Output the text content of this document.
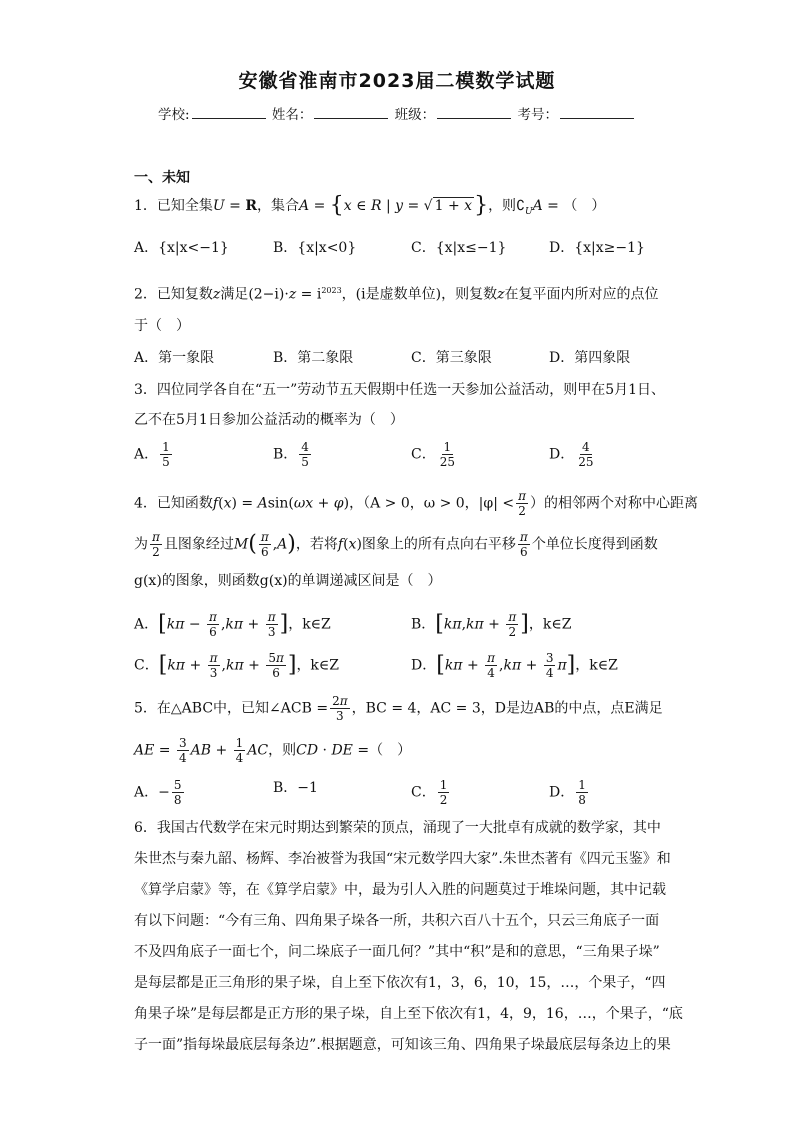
安徽省淮南市2023届二模数学试题
学校:	姓名：	班级：	考号：
一、未知
1．已知全集U = R，集合A = {x ∈ R | y = √ 1 + x}，则$∁_UA$ = （　）
A．{x|x<−1}	B．{x|x<0}	C．{x|x≤−1}	D．{x|x≥−1}
2．已知复数z满足$(2-i)\cdot z = i^{2023}$，(i是虚数单位)，则复数z在复平面内所对应的点位
于（　）
A．第一象限	B．第二象限	C．第三象限	D．第四象限
3．四位同学各自在“五一”劳动节五天假期中任选一天参加公益活动，则甲在5月1日、
乙不在5月1日参加公益活动的概率为（　）
A． $\frac{1}{5}$	B． $\frac{4}{5}$	C． $\frac{1}{25}$	D． $\frac{4}{25}$
4．已知函数f(x) = Asin(ωx + φ)，（A > 0，ω > 0，$|\varphi| < \frac{\pi}{2}$ ）的相邻两个对称中心距离
为 $\frac{\pi}{2}$ 且图象经过$M( \frac{\pi}{6} ,A)$，若将f(x)图象上的所有点向右平移 $\frac{\pi}{6}$ 个单位长度得到函数
g(x)的图象，则函数g(x)的单调递减区间是（　）
A．[$k\pi - \frac{\pi}{6} ,k\pi + \frac{\pi}{3}$ ]，k∈Z	B．[$k\pi,k\pi + \frac{\pi}{2}$ ]，k∈Z
C．[$k\pi + \frac{\pi}{3} ,k\pi + \frac{5\pi}{6}$ ]，k∈Z	D．$[k\pi + \frac{\pi}{4} ,k\pi + \frac{3}{4} \pi]$，k∈Z
5．在△ABC中，已知∠ACB = $\frac{2\pi}{3}$ ，BC = 4，AC = 3，D是边AB的中点，点E满足
AE = $\frac{3}{4}$ AB + $\frac{1}{4}$ AC，则CD · DE =（　）
A．− $\frac{5}{8}$	B．−1	C． $\frac{1}{2}$	D． $\frac{1}{8}$
6．我国古代数学在宋元时期达到繁荣的顶点，涌现了一大批卓有成就的数学家，其中
朱世杰与秦九韶、杨辉、李冶被誉为我国“宋元数学四大家”.朱世杰著有《四元玉鉴》和
《算学启蒙》等，在《算学启蒙》中，最为引人入胜的问题莫过于堆垛问题，其中记载
有以下问题：“今有三角、四角果子垛各一所，共积六百八十五个，只云三角底子一面
不及四角底子一面七个，问二垛底子一面几何？”其中“积”是和的意思，“三角果子垛”
是每层都是正三角形的果子垛，自上至下依次有1，3，6，10，15，…，个果子，“四
角果子垛”是每层都是正方形的果子垛，自上至下依次有1，4，9，16，…，个果子，“底
子一面”指每垛最底层每条边”.根据题意，可知该三角、四角果子垛最底层每条边上的果
